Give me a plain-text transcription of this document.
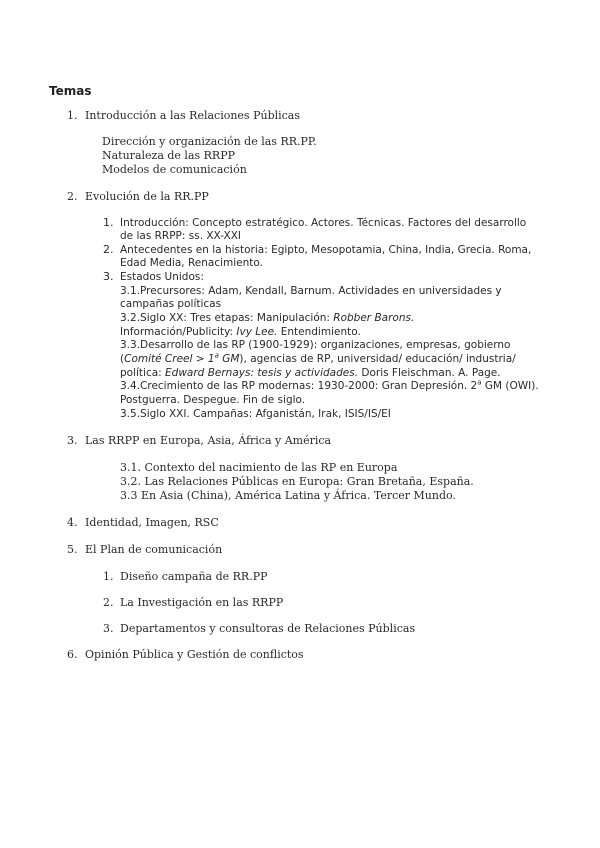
Temas
1. Introducción a las Relaciones Públicas
Dirección y organización de las RR.PP.
Naturaleza de las RRPP
Modelos de comunicación
2. Evolución de la RR.PP
1. Introducción: Concepto estratégico. Actores. Técnicas. Factores del desarrollo
de las RRPP: ss. XX-XXI
2. Antecedentes en la historia: Egipto, Mesopotamia, China, India, Grecia. Roma,
Edad Media, Renacimiento.
3. Estados Unidos:
3.1.Precursores: Adam, Kendall, Barnum. Actividades en universidades y
campañas políticas
3.2.Siglo XX: Tres etapas: Manipulación: Robber Barons.
Información/Publicity: Ivy Lee. Entendimiento.
3.3.Desarrollo de las RP (1900-1929): organizaciones, empresas, gobierno
(Comité Creel > $1^a$ GM), agencias de RP, universidad/ educación/ industria/
política: Edward Bernays: tesis y actividades. Doris Fleischman. A. Page.
3.4.Crecimiento de las RP modernas: 1930-2000: Gran Depresión. 2$^a$ GM (OWI).
Postguerra. Despegue. Fin de siglo.
3.5.Siglo XXI. Campañas: Afganistán, Irak, ISIS/IS/EI
3. Las RRPP en Europa, Asia, África y América
3.1. Contexto del nacimiento de las RP en Europa
3.2. Las Relaciones Públicas en Europa: Gran Bretaña, España.
3.3 En Asia (China), América Latina y África. Tercer Mundo.
4. Identidad, Imagen, RSC
5. El Plan de comunicación
1. Diseño campaña de RR.PP
2. La Investigación en las RRPP
3. Departamentos y consultoras de Relaciones Públicas
6. Opinión Pública y Gestión de conflictos
